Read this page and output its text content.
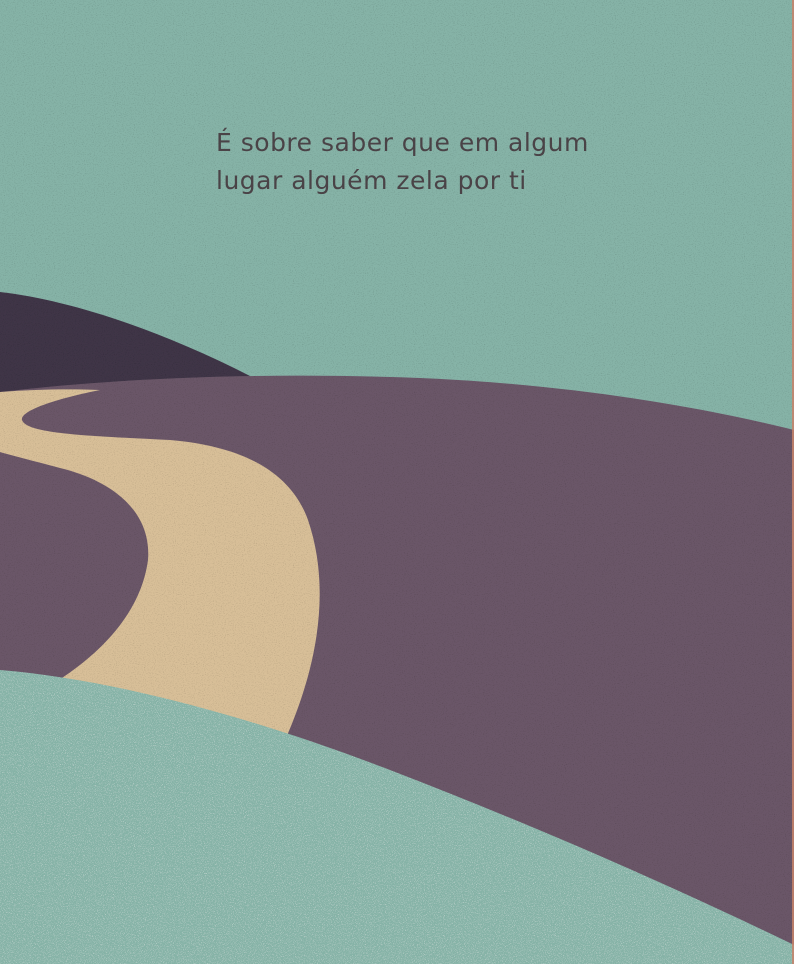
É sobre saber que em algum
lugar alguém zela por ti
